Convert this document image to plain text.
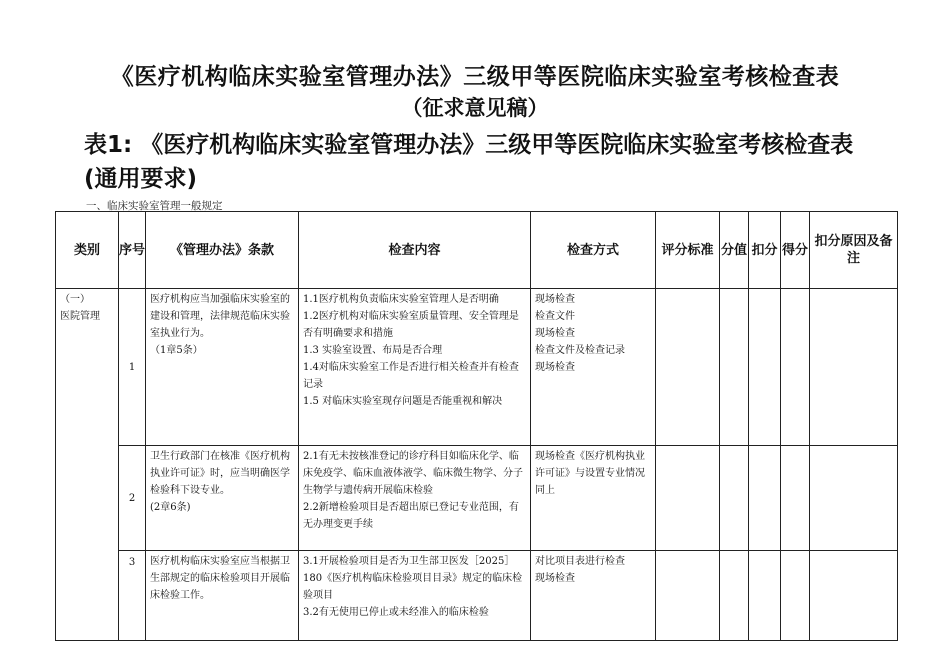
《医疗机构临床实验室管理办法》三级甲等医院临床实验室考核检查表
（征求意见稿）
表1: 《医疗机构临床实验室管理办法》三级甲等医院临床实验室考核检查表(通用要求)
一、临床实验室管理一般规定
类别	序号	《管理办法》条款	检查内容	检查方式	评分标准	分值	扣分	得分	扣分原因及备注

（一）
医院管理	1	医疗机构应当加强临床实验室的建设和管理，法律规范临床实验室执业行为。
（1章5条）	1.1医疗机构负责临床实验室管理人是否明确
1.2医疗机构对临床实验室质量管理、安全管理是否有明确要求和措施
1.3 实验室设置、布局是否合理
1.4对临床实验室工作是否进行相关检查并有检查记录
1.5 对临床实验室现存问题是否能重视和解决	现场检查
检查文件
现场检查
检查文件及检查记录
现场检查					

	2	卫生行政部门在核准《医疗机构执业许可证》时，应当明确医学检验科下设专业。
(2章6条)	2.1有无未按核准登记的诊疗科目如临床化学、临床免疫学、临床血液体液学、临床微生物学、分子生物学与遗传病开展临床检验
2.2新增检验项目是否超出原已登记专业范围，有无办理变更手续	现场检查《医疗机构执业许可证》与设置专业情况
同上					

	3	医疗机构临床实验室应当根据卫生部规定的临床检验项目开展临床检验工作。	3.1开展检验项目是否为卫生部卫医发［2025］180《医疗机构临床检验项目目录》规定的临床检验项目
3.2有无使用已停止或未经准入的临床检验	对比项目表进行检查
现场检查					
